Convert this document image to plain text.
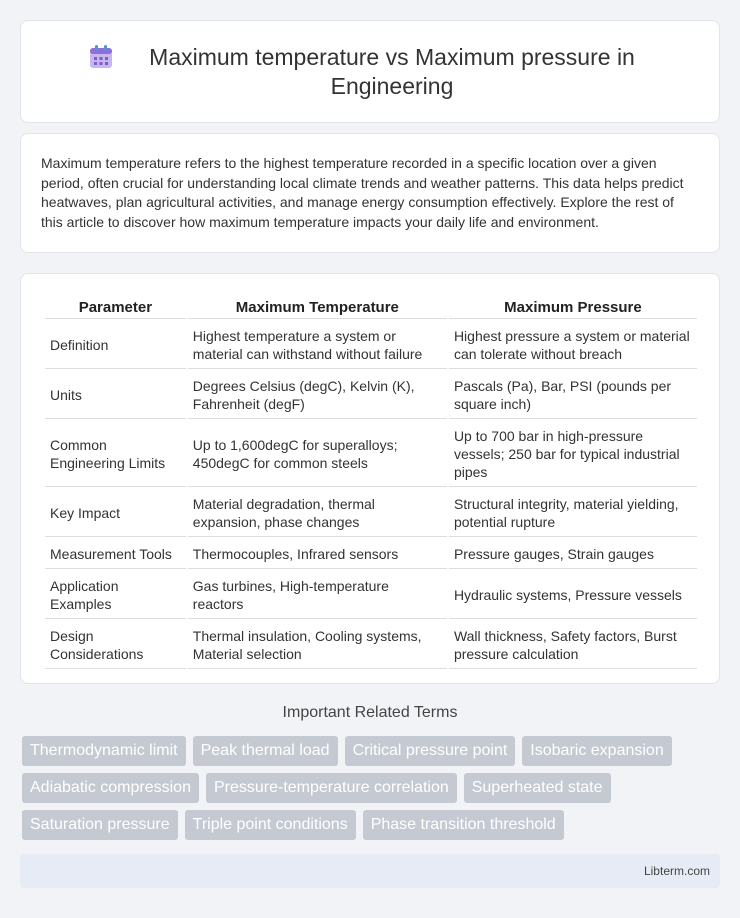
Maximum temperature vs Maximum pressure in Engineering

Maximum temperature refers to the highest temperature recorded in a specific location over a given period, often crucial for understanding local climate trends and weather patterns. This data helps predict heatwaves, plan agricultural activities, and manage energy consumption effectively. Explore the rest of this article to discover how maximum temperature impacts your daily life and environment.

Parameter	Maximum Temperature	Maximum Pressure
Definition	Highest temperature a system or material can withstand without failure	Highest pressure a system or material can tolerate without breach
Units	Degrees Celsius (degC), Kelvin (K), Fahrenheit (degF)	Pascals (Pa), Bar, PSI (pounds per square inch)
Common Engineering Limits	Up to 1,600degC for superalloys; 450degC for common steels	Up to 700 bar in high-pressure vessels; 250 bar for typical industrial pipes
Key Impact	Material degradation, thermal expansion, phase changes	Structural integrity, material yielding, potential rupture
Measurement Tools	Thermocouples, Infrared sensors	Pressure gauges, Strain gauges
Application Examples	Gas turbines, High-temperature reactors	Hydraulic systems, Pressure vessels
Design Considerations	Thermal insulation, Cooling systems, Material selection	Wall thickness, Safety factors, Burst pressure calculation
Important Related Terms
Thermodynamic limit	Peak thermal load	Critical pressure point	Isobaric expansion
Adiabatic compression	Pressure-temperature correlation	Superheated state
Saturation pressure	Triple point conditions	Phase transition threshold
Libterm.com
